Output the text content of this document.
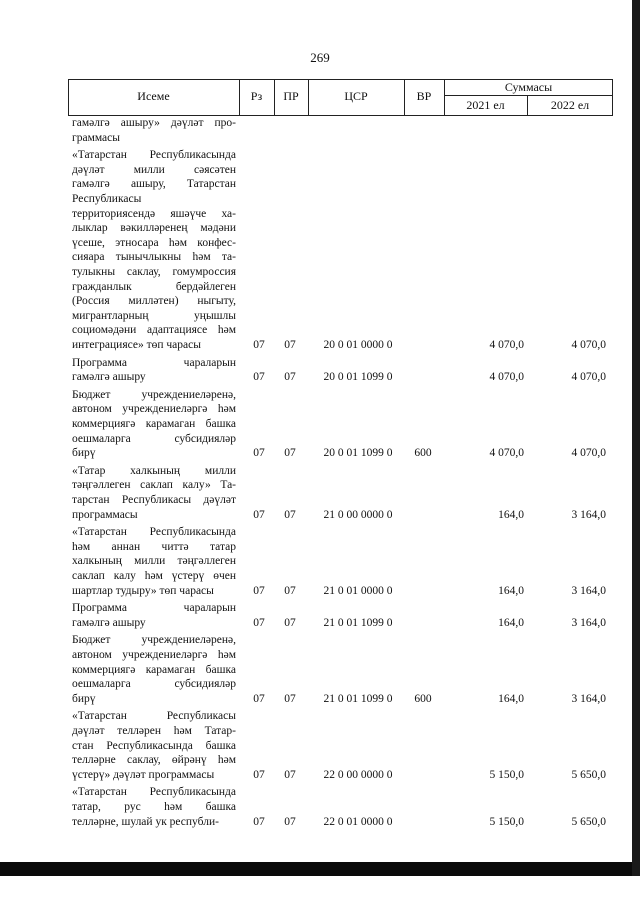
269
Исеме	Рз	ПР	ЦСР	ВР
Суммасы
2021 ел	2022 ел
гамәлгә ашыру» дәүләт про-
граммасы
«Татарстан Республикасында
дәүләт милли сәясәтен
гамәлгә ашыру, Татарстан
Республикасы
территориясендә яшәүче ха-
лыклар вәкилләренең мәдәни
үсеше, этносара һәм конфес-
сияара тынычлыкны һәм та-
тулыкны саклау, гомумроссия
гражданлык бердәйлеген
(Россия милләтен) ныгыту,
мигрантларның уңышлы
социомәдәни адаптациясе һәм
интеграциясе» төп чарасы	07	07	20 0 01 0000 0	4 070,0	4 070,0
Программа чараларын
гамәлгә ашыру	07	07	20 0 01 1099 0	4 070,0	4 070,0
Бюджет учреждениеләренә,
автоном учреждениеләргә һәм
коммерциягә карамаган башка
оешмаларга субсидияләр
бирү	07	07	20 0 01 1099 0	600	4 070,0	4 070,0
«Татар халкының милли
тәңгәллеген саклап калу» Та-
тарстан Республикасы дәүләт
программасы	07	07	21 0 00 0000 0	164,0	3 164,0
«Татарстан Республикасында
һәм аннан читтә татар
халкының милли тәңгәллеген
саклап калу һәм үстерү өчен
шартлар тудыру» төп чарасы	07	07	21 0 01 0000 0	164,0	3 164,0
Программа чараларын
гамәлгә ашыру	07	07	21 0 01 1099 0	164,0	3 164,0
Бюджет учреждениеләренә,
автоном учреждениеләргә һәм
коммерциягә карамаган башка
оешмаларга субсидияләр
бирү	07	07	21 0 01 1099 0	600	164,0	3 164,0
«Татарстан Республикасы
дәүләт телләрен һәм Татар-
стан Республикасында башка
телләрне саклау, өйрәнү һәм
үстерү» дәүләт программасы	07	07	22 0 00 0000 0	5 150,0	5 650,0
«Татарстан Республикасында
татар, рус һәм башка
телләрне, шулай ук республи-	07	07	22 0 01 0000 0	5 150,0	5 650,0
